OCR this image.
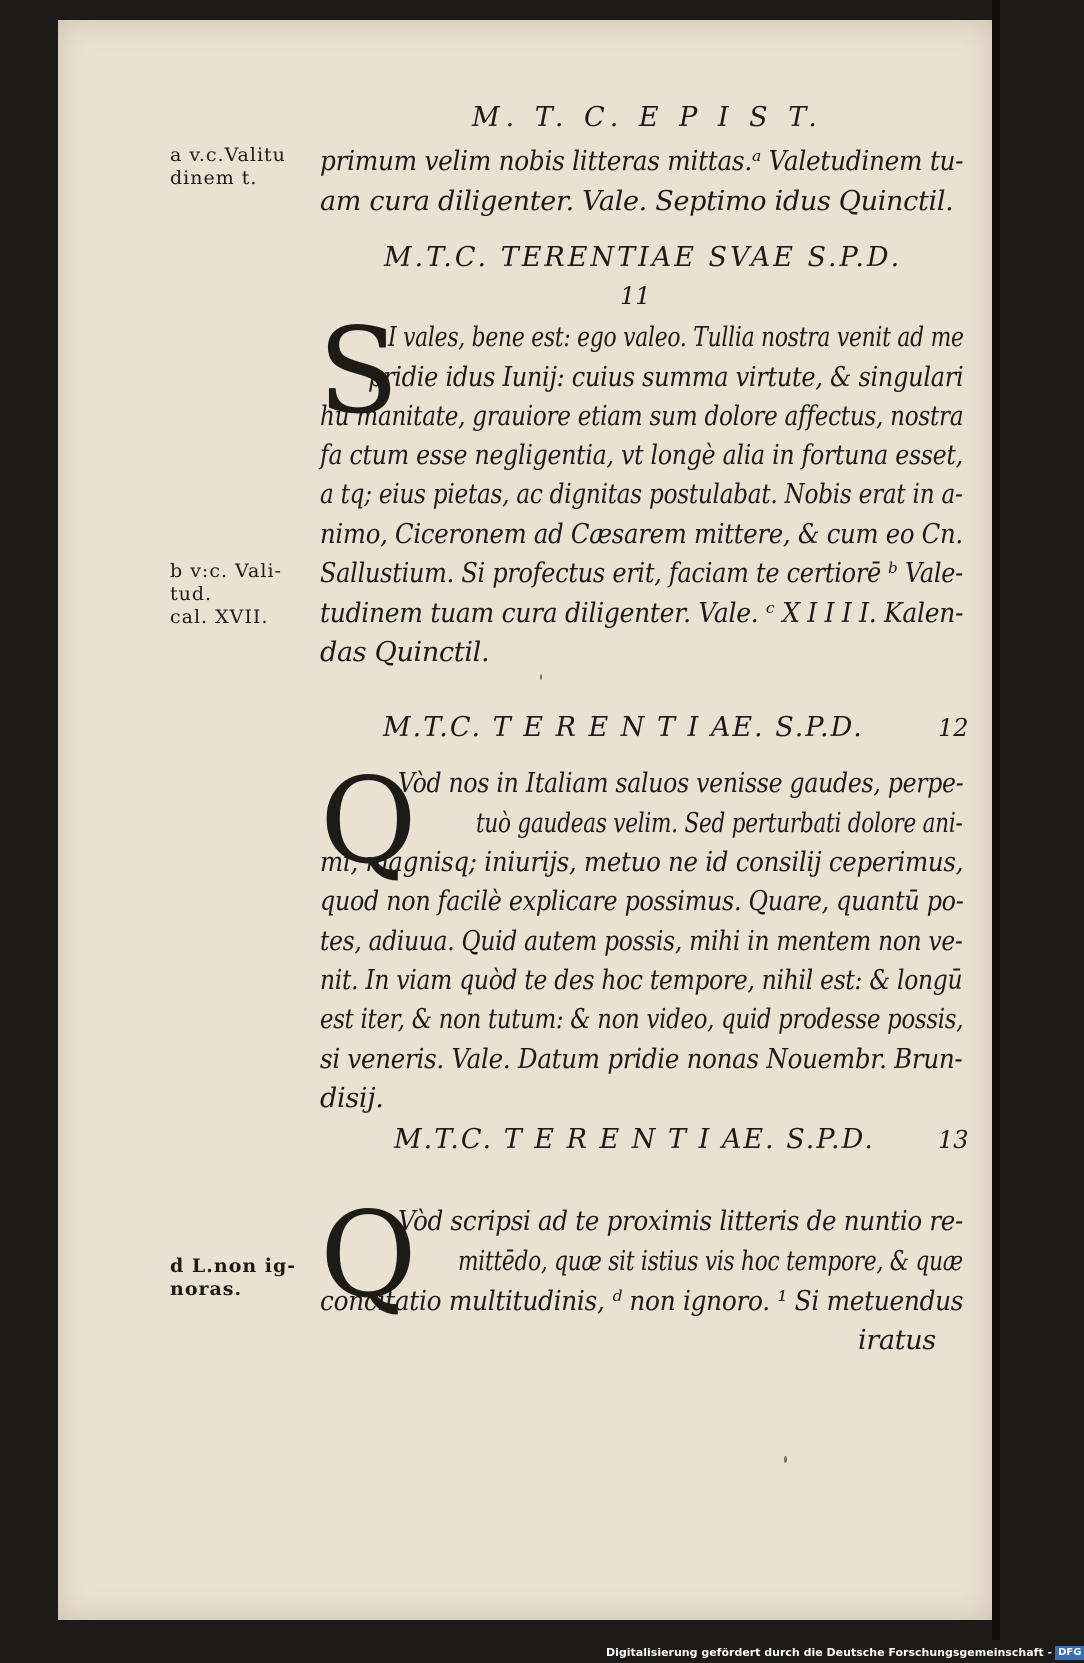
M. T. C. E P I S T.
a v.c.Valitu
dinem t.
b v:c. Vali-
tud.
cal. XVII.
d L.non ig-
noras.
primum velim nobis litteras mittas.ᵃ Valetudinem tu-
am cura diligenter. Vale. Septimo idus Quinctil.
M.T.C. TERENTIAE SVAE S.P.D.
11
S
I vales, bene est: ego valeo. Tullia nostra venit ad me
pridie idus Iunij: cuius summa virtute, & singulari
hu manitate, grauiore etiam sum dolore affectus, nostra
fa ctum esse negligentia, vt longè alia in fortuna esset,
a tq; eius pietas, ac dignitas postulabat. Nobis erat in a-
nimo, Ciceronem ad Cæsarem mittere, & cum eo Cn.
Sallustium. Si profectus erit, faciam te certiorē ᵇ Vale-
tudinem tuam cura diligenter. Vale. ᶜ X I I I I. Kalen-
das Quinctil.
M.T.C. T E R E N T I AE. S.P.D.	12
Q
Vòd nos in Italiam saluos venisse gaudes, perpe-
tuò gaudeas velim. Sed perturbati dolore ani-
mi, magnisq; iniurijs, metuo ne id consilij ceperimus,
quod non facilè explicare possimus. Quare, quantū po-
tes, adiuua. Quid autem possis, mihi in mentem non ve-
nit. In viam quòd te des hoc tempore, nihil est: & longū
est iter, & non tutum: & non video, quid prodesse possis,
si veneris. Vale. Datum pridie nonas Nouembr. Brun-
disij.
M.T.C. T E R E N T I AE. S.P.D.	13
Q
Vòd scripsi ad te proximis litteris de nuntio re-
mittēdo, quæ sit istius vis hoc tempore, & quæ
concitatio multitudinis, ᵈ non ignoro. ¹ Si metuendus
iratus
Digitalisierung gefördert durch die Deutsche Forschungsgemeinschaft - DFG
